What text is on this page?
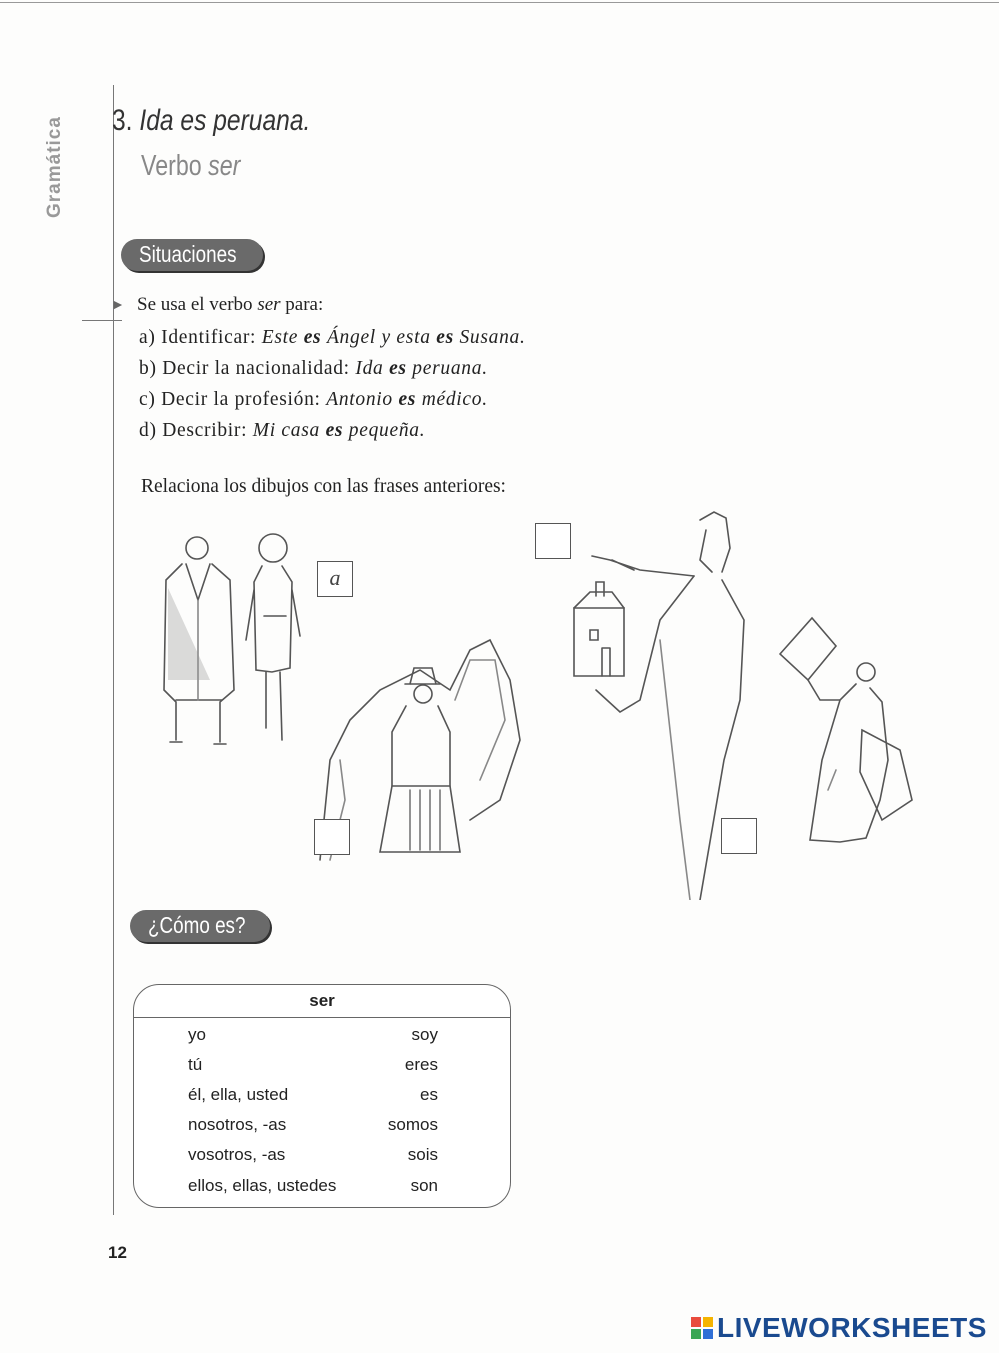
Gramática 3. Ida es peruana.
Verbo ser
Situaciones
► Se usa el verbo ser para:
a) Identificar: Este es Ángel y esta es Susana.
b) Decir la nacionalidad: Ida es peruana.
c) Decir la profesión: Antonio es médico.
d) Describir: Mi casa es pequeña.
Relaciona los dibujos con las frases anteriores:
a
¿Cómo es?
ser
yo	soy
tú	eres
él, ella, usted	es
nosotros, -as	somos
vosotros, -as	sois
ellos, ellas, ustedes	son
12
LIVEWORKSHEETS
